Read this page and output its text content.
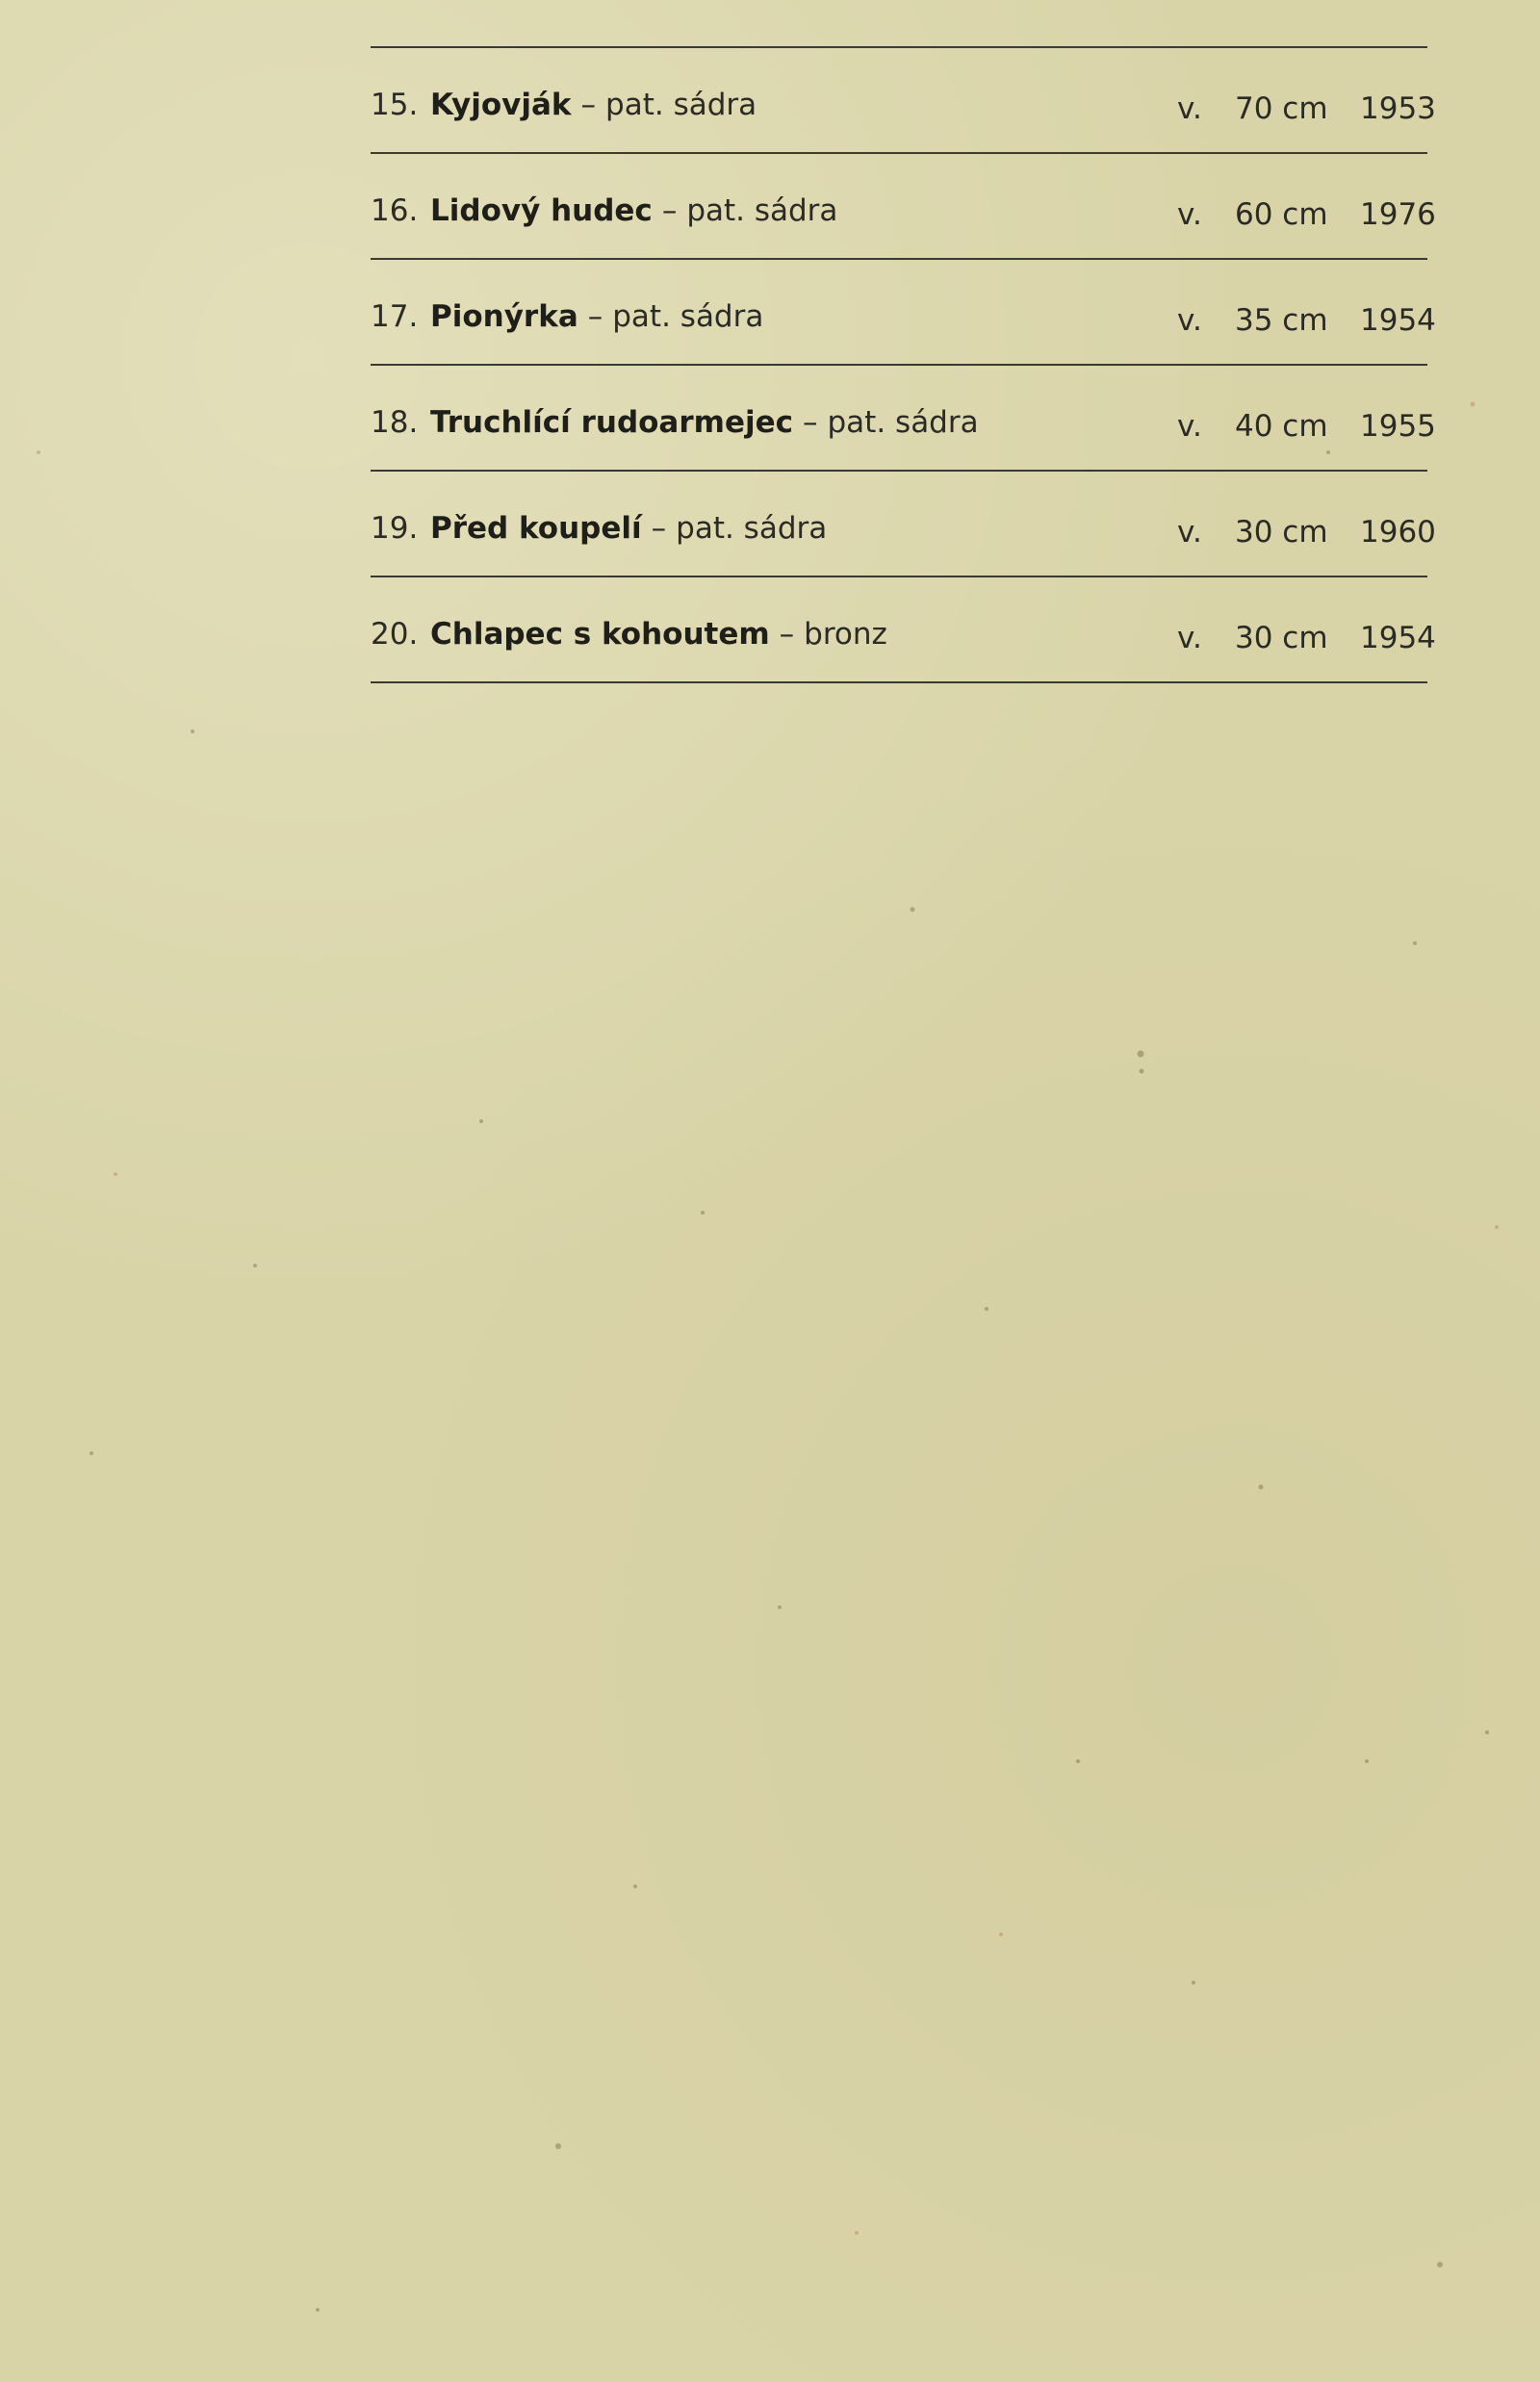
15. Kyjovják – pat. sádra	v. 70 cm 1953
16. Lidový hudec – pat. sádra	v. 60 cm 1976
17. Pionýrka – pat. sádra	v. 35 cm 1954
18. Truchlící rudoarmejec – pat. sádra	v. 40 cm 1955
19. Před koupelí – pat. sádra	v. 30 cm 1960
20. Chlapec s kohoutem – bronz	v. 30 cm 1954
